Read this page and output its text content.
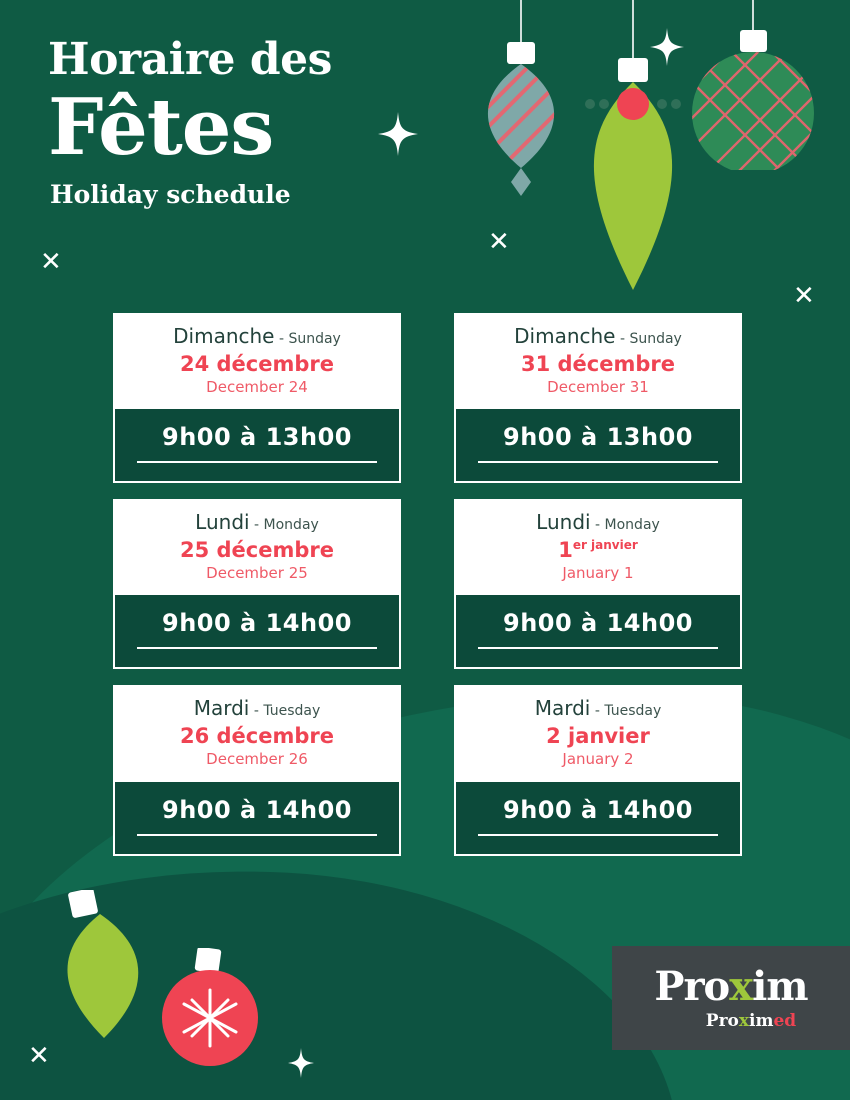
Horaire des
Fêtes
Holiday schedule
✕
✕
✕
✕
Dimanche - Sunday
24 décembre
December 24
9h00 à 13h00
Dimanche - Sunday
31 décembre
December 31
9h00 à 13h00
Lundi - Monday
25 décembre
December 25
9h00 à 14h00
Lundi - Monday
$1^{er janvier}$
January 1
9h00 à 14h00
Mardi - Tuesday
26 décembre
December 26
9h00 à 14h00
Mardi - Tuesday
2 janvier
January 2
9h00 à 14h00
Proxim
Proximed
